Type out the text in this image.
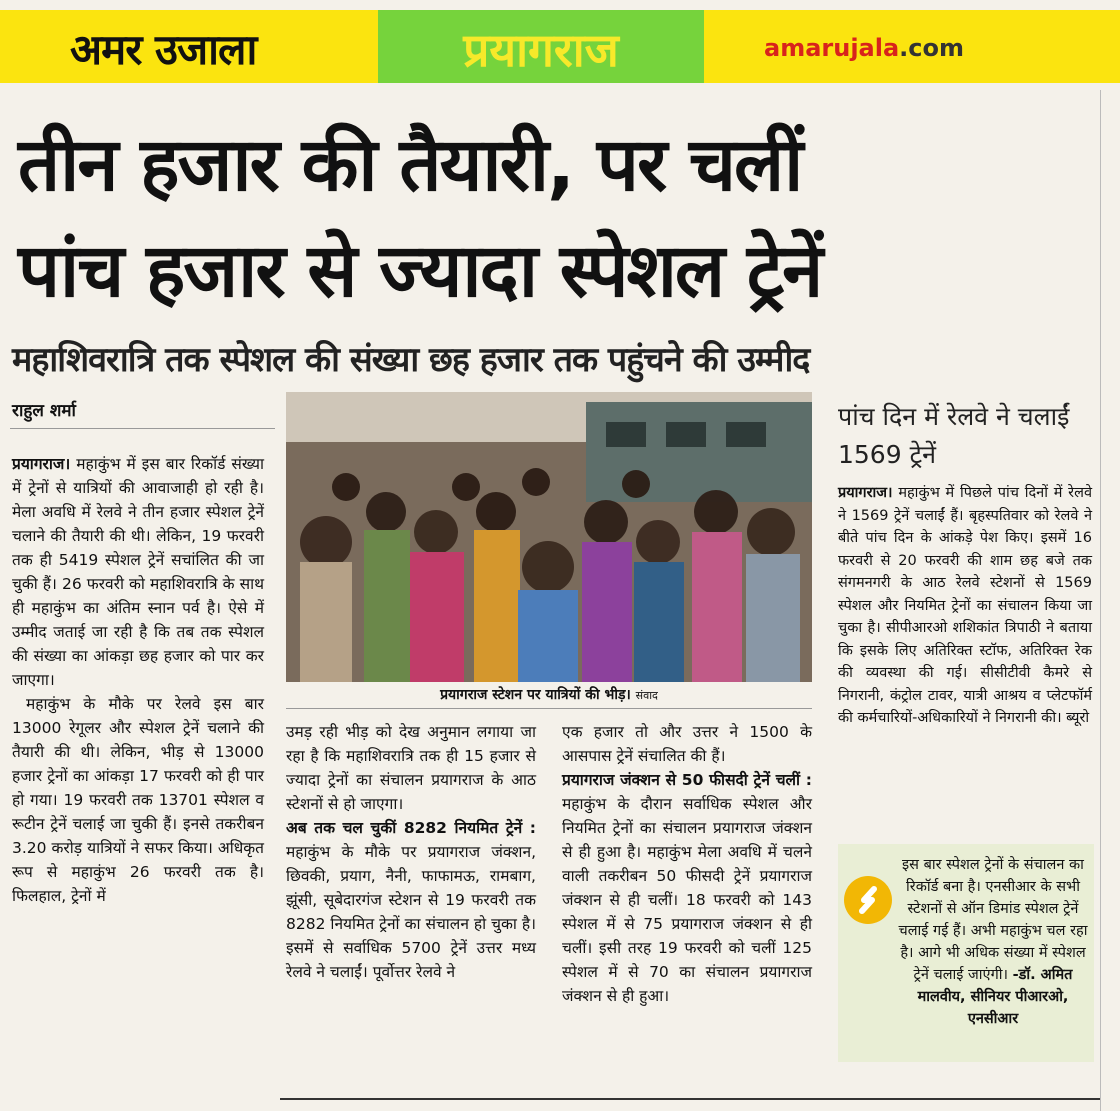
अमर उजाला	प्रयागराज	amarujala.com
तीन हजार की तैयारी, पर चलीं
पांच हजार से ज्यादा स्पेशल ट्रेनें
महाशिवरात्रि तक स्पेशल की संख्या छह हजार तक पहुंचने की उम्मीद
राहुल शर्मा

प्रयागराज। महाकुंभ में इस बार रिकॉर्ड संख्या में ट्रेनों से यात्रियों की आवाजाही हो रही है। मेला अवधि में रेलवे ने तीन हजार स्पेशल ट्रेनें चलाने की तैयारी की थी। लेकिन, 19 फरवरी तक ही 5419 स्पेशल ट्रेनें सचांलित की जा चुकी हैं। 26 फरवरी को महाशिवरात्रि के साथ ही महाकुंभ का अंतिम स्नान पर्व है। ऐसे में उम्मीद जताई जा रही है कि तब तक स्पेशल की संख्या का आंकड़ा छह हजार को पार कर जाएगा।

महाकुंभ के मौके पर रेलवे इस बार 13000 रेगूलर और स्पेशल ट्रेनें चलाने की तैयारी की थी। लेकिन, भीड़ से 13000 हजार ट्रेनों का आंकड़ा 17 फरवरी को ही पार हो गया। 19 फरवरी तक 13701 स्पेशल व रूटीन ट्रेनें चलाई जा चुकी हैं। इनसे तकरीबन 3.20 करोड़ यात्रियों ने सफर किया। अधिकृत रूप से महाकुंभ 26 फरवरी तक है। फिलहाल, ट्रेनों में

प्रयागराज स्टेशन पर यात्रियों की भीड़। संवाद

उमड़ रही भीड़ को देख अनुमान लगाया जा रहा है कि महाशिवरात्रि तक ही 15 हजार से ज्यादा ट्रेनों का संचालन प्रयागराज के आठ स्टेशनों से हो जाएगा।

अब तक चल चुकीं 8282 नियमित ट्रेनें : महाकुंभ के मौके पर प्रयागराज जंक्शन, छिवकी, प्रयाग, नैनी, फाफामऊ, रामबाग, झूंसी, सूबेदारगंज स्टेशन से 19 फरवरी तक 8282 नियमित ट्रेनों का संचालन हो चुका है। इसमें से सर्वाधिक 5700 ट्रेनें उत्तर मध्य रेलवे ने चलाईं। पूर्वोत्तर रेलवे ने

एक हजार तो और उत्तर ने 1500 के आसपास ट्रेनें संचालित की हैं।

प्रयागराज जंक्शन से 50 फीसदी ट्रेनें चलीं : महाकुंभ के दौरान सर्वाधिक स्पेशल और नियमित ट्रेनों का संचालन प्रयागराज जंक्शन से ही हुआ है। महाकुंभ मेला अवधि में चलने वाली तकरीबन 50 फीसदी ट्रेनें प्रयागराज जंक्शन से ही चलीं। 18 फरवरी को 143 स्पेशल में से 75 प्रयागराज जंक्शन से ही चलीं। इसी तरह 19 फरवरी को चलीं 125 स्पेशल में से 70 का संचालन प्रयागराज जंक्शन से ही हुआ।

पांच दिन में रेलवे ने चलाईं 1569 ट्रेनें

प्रयागराज। महाकुंभ में पिछले पांच दिनों में रेलवे ने 1569 ट्रेनें चलाईं हैं। बृहस्पतिवार को रेलवे ने बीते पांच दिन के आंकड़े पेश किए। इसमें 16 फरवरी से 20 फरवरी की शाम छह बजे तक संगमनगरी के आठ रेलवे स्टेशनों से 1569 स्पेशल और नियमित ट्रेनों का संचालन किया जा चुका है। सीपीआरओ शशिकांत त्रिपाठी ने बताया कि इसके लिए अतिरिक्त स्टॉफ, अतिरिक्त रेक की व्यवस्था की गई। सीसीटीवी कैमरे से निगरानी, कंट्रोल टावर, यात्री आश्रय व प्लेटफॉर्म की कर्मचारियों-अधिकारियों ने निगरानी की। ब्यूरो

इस बार स्पेशल ट्रेनों के संचालन का रिकॉर्ड बना है। एनसीआर के सभी स्टेशनों से ऑन डिमांड स्पेशल ट्रेनें चलाई गई हैं। अभी महाकुंभ चल रहा है। आगे भी अधिक संख्या में स्पेशल ट्रेनें चलाई जाएंगी। -डॉ. अमित मालवीय, सीनियर पीआरओ, एनसीआर
